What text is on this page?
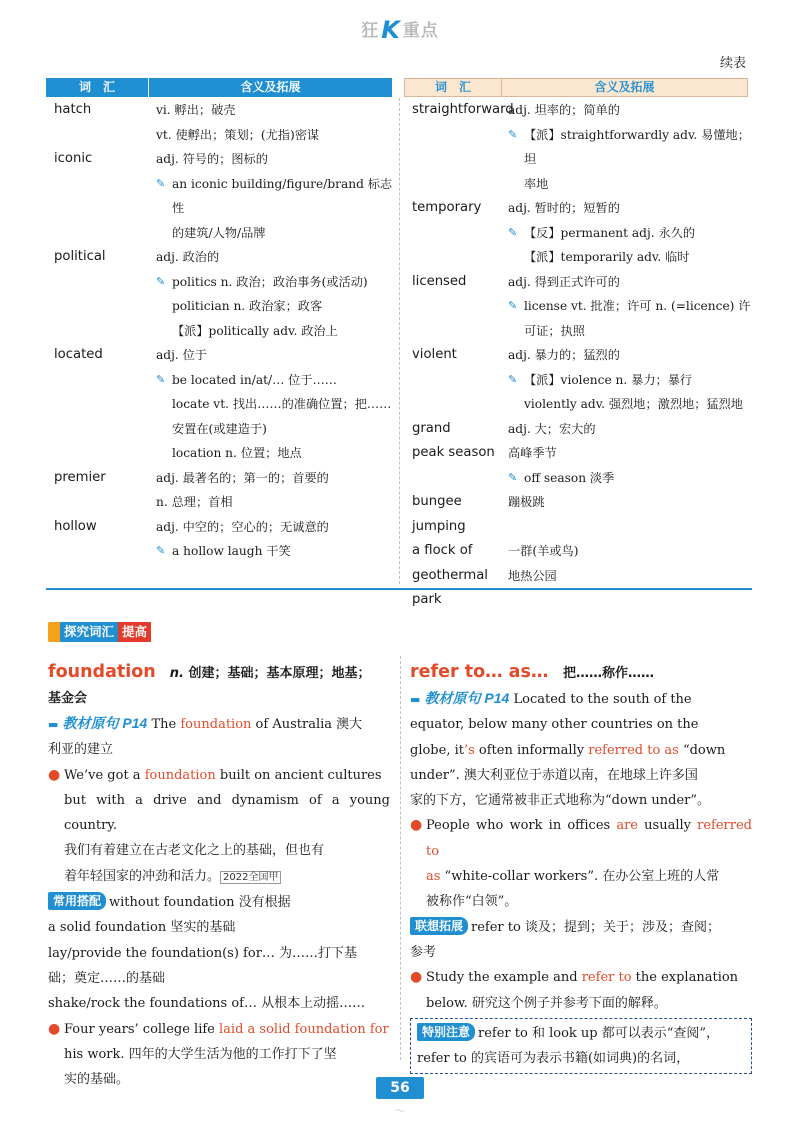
狂K 重点
续表
词　汇	含义及拓展	词　汇	含义及拓展
hatch	vi. 孵出；破壳
vt. 使孵出；策划；(尤指)密谋
iconic	adj. 符号的；图标的
✎ an iconic building/figure/brand 标志性
的建筑/人物/品牌
political	adj. 政治的
✎ politics n. 政治；政治事务(或活动)
politician n. 政治家；政客
【派】politically adv. 政治上
located	adj. 位于
✎ be located in/at/… 位于……
locate vt. 找出……的准确位置；把……
安置在(或建造于)
location n. 位置；地点
premier	adj. 最著名的；第一的；首要的
n. 总理；首相
hollow	adj. 中空的；空心的；无诚意的
✎ a hollow laugh 干笑
straightforward
adj. 坦率的；简单的
✎ 【派】straightforwardly adv. 易懂地；坦
率地
temporary	adj. 暂时的；短暂的
✎ 【反】permanent adj. 永久的
【派】temporarily adv. 临时
licensed	adj. 得到正式许可的
✎ license vt. 批准；许可 n. (=licence) 许
可证；执照
violent	adj. 暴力的；猛烈的
✎ 【派】violence n. 暴力；暴行
violently adv. 强烈地；激烈地；猛烈地
grand	adj. 大；宏大的
peak season	高峰季节
✎ off season 淡季
bungee jumping
蹦极跳
a flock of	一群(羊或鸟)
geothermal park
地热公园
探究词汇 提高
foundation n. 创建；基础；基本原理；地基；
基金会
▬ 教材原句 P14 The foundation of Australia 澳大
利亚的建立
● We’ve got a foundation built on ancient cultures
but with a drive and dynamism of a young country.
我们有着建立在古老文化之上的基础，但也有
着年轻国家的冲劲和活力。 2022全国甲
常用搭配 without foundation 没有根据
a solid foundation 坚实的基础
lay/provide the foundation(s) for… 为……打下基
础；奠定……的基础
shake/rock the foundations of… 从根本上动摇……
● Four years’ college life laid a solid foundation for
his work. 四年的大学生活为他的工作打下了坚
实的基础。
refer to… as… 把……称作……
▬ 教材原句 P14 Located to the south of the
equator, below many other countries on the
globe, it’s often informally referred to as “down
under”. 澳大利亚位于赤道以南，在地球上许多国
家的下方，它通常被非正式地称为“down under”。
● People who work in offices are usually referred to
as “white-collar workers”. 在办公室上班的人常
被称作“白领”。
联想拓展 refer to 谈及；提到；关于；涉及；查阅；
参考
● Study the example and refer to the explanation
below. 研究这个例子并参考下面的解释。
特别注意 refer to 和 look up 都可以表示“查阅”，
refer to 的宾语可为表示书籍(如词典)的名词，
56
〜
